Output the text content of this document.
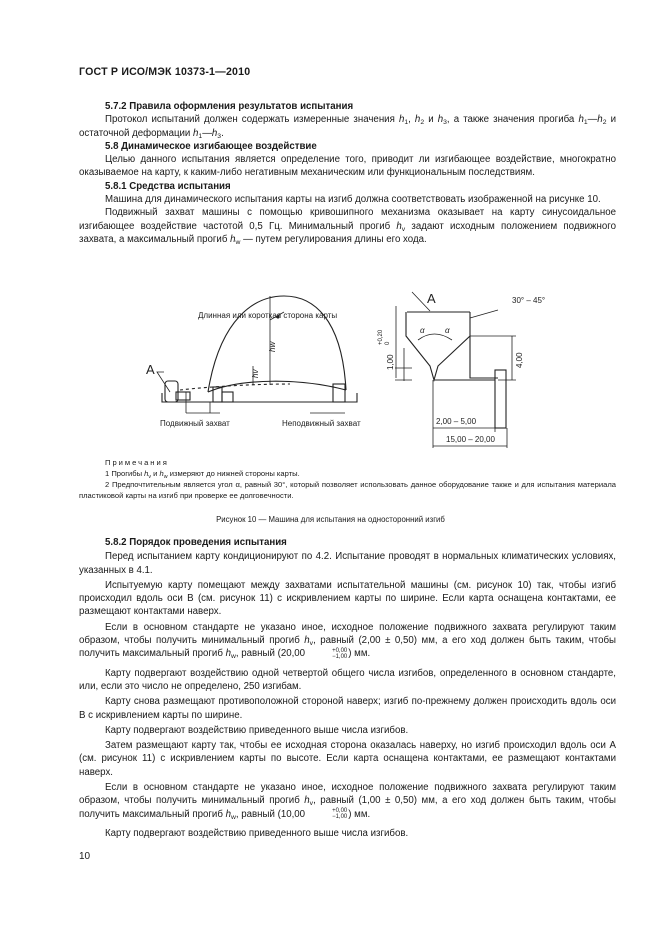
ГОСТ Р ИСО/МЭК 10373-1—2010
5.7.2 Правила оформления результатов испытания
Протокол испытаний должен содержать измеренные значения $h_1$, $h_2$ и $h_3$, а также значения прогиба $h_1—h_2$ и остаточной деформации $h_1—h_3$.
5.8 Динамическое изгибающее воздействие
Целью данного испытания является определение того, приводит ли изгибающее воздействие, многократно оказываемое на карту, к каким-либо негативным механическим или функциональным последствиям.
5.8.1 Средства испытания
Машина для динамического испытания карты на изгиб должна соответствовать изображенной на рисунке 10.
Подвижный захват машины с помощью кривошипного механизма оказывает на карту синусоидальное изгибающее воздействие частотой 0,5 Гц. Минимальный прогиб $h_v$ задают исходным положением подвижного захвата, а максимальный прогиб $h_w$ — путем регулирования длины его хода.
Длинная или короткая сторона карты
A
A
Подвижный захват	Неподвижный захват
hw
hv
30° – 45°
1,00
+0,20 0
4,00
2,00 – 5,00
15,00 – 20,00
α	α
Примечания
1 Прогибы $h_v$ и $h_w$ измеряют до нижней стороны карты.
2 Предпочтительным является угол α, равный 30°, который позволяет использовать данное оборудование также и для испытания материала пластиковой карты на изгиб при проверке ее долговечности.
Рисунок 10 — Машина для испытания на односторонний изгиб
5.8.2 Порядок проведения испытания
Перед испытанием карту кондиционируют по 4.2. Испытание проводят в нормальных климатических условиях, указанных в 4.1.
Испытуемую карту помещают между захватами испытательной машины (см. рисунок 10) так, чтобы изгиб происходил вдоль оси B (см. рисунок 11) с искривлением карты по ширине. Если карта оснащена контактами, ее размещают контактами наверх.
Если в основном стандарте не указано иное, исходное положение подвижного захвата регулируют таким образом, чтобы получить минимальный прогиб $h_v$, равный (2,00 ± 0,50) мм, а его ход должен быть таким, чтобы получить максимальный прогиб $h_w$, равный (20,00	+0,00
−1,00 ) мм.
Карту подвергают воздействию одной четвертой общего числа изгибов, определенного в основном стандарте, или, если это число не определено, 250 изгибам.
Карту снова размещают противоположной стороной наверх; изгиб по-прежнему должен происходить вдоль оси B с искривлением карты по ширине.
Карту подвергают воздействию приведенного выше числа изгибов.
Затем размещают карту так, чтобы ее исходная сторона оказалась наверху, но изгиб происходил вдоль оси A (см. рисунок 11) с искривлением карты по высоте. Если карта оснащена контактами, ее размещают контактами наверх.
Если в основном стандарте не указано иное, исходное положение подвижного захвата регулируют таким образом, чтобы получить минимальный прогиб $h_v$, равный (1,00 ± 0,50) мм, а его ход должен быть таким, чтобы получить максимальный прогиб $h_w$, равный (10,00	+0,00
−1,00 ) мм.
Карту подвергают воздействию приведенного выше числа изгибов.
10
